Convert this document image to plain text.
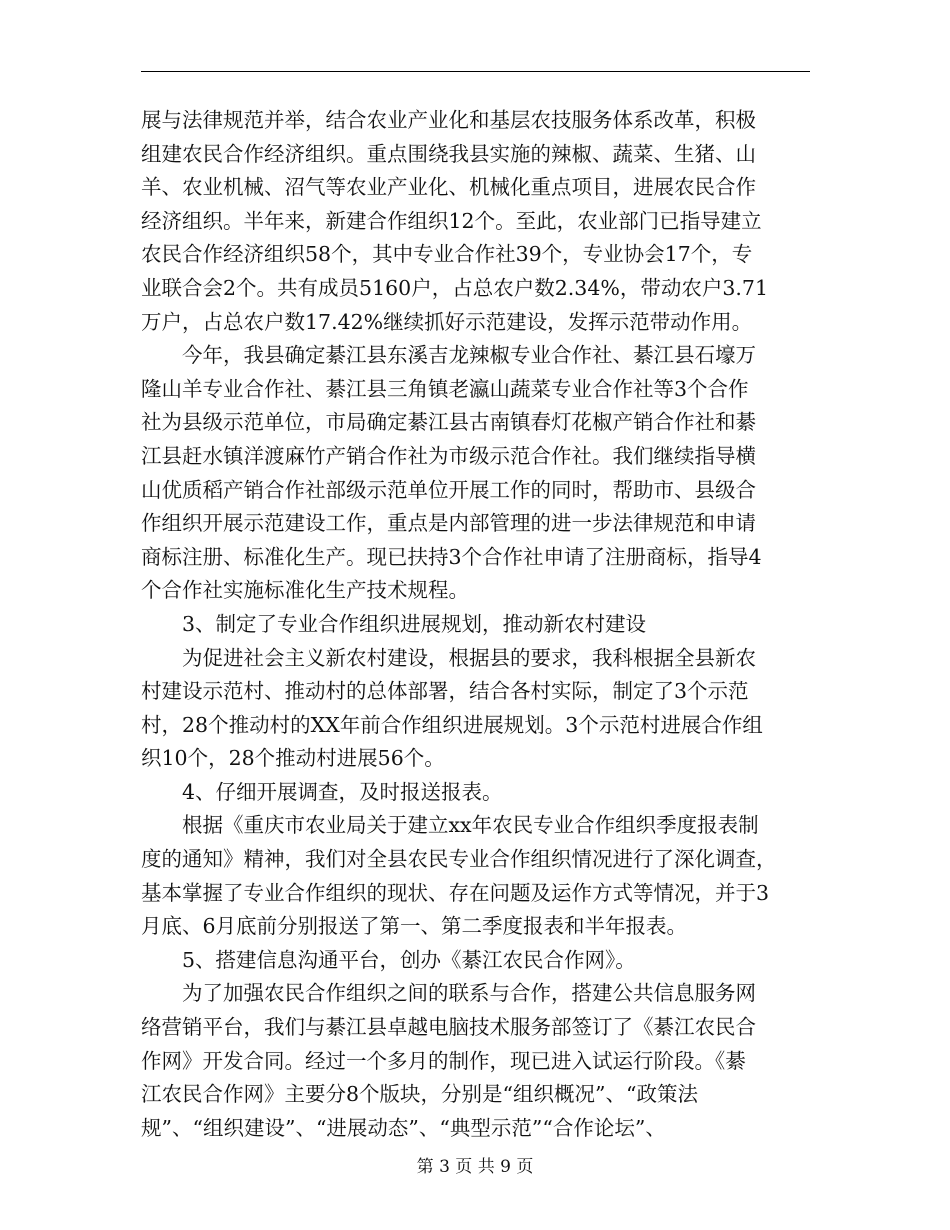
展与法律规范并举，结合农业产业化和基层农技服务体系改革，积极
组建农民合作经济组织。重点围绕我县实施的辣椒、蔬菜、生猪、山
羊、农业机械、沼气等农业产业化、机械化重点项目，进展农民合作
经济组织。半年来，新建合作组织12个。至此，农业部门已指导建立
农民合作经济组织58个，其中专业合作社39个，专业协会17个，专
业联合会2个。共有成员5160户，占总农户数2.34%，带动农户3.71
万户，占总农户数17.42%继续抓好示范建设，发挥示范带动作用。

今年，我县确定綦江县东溪吉龙辣椒专业合作社、綦江县石壕万
隆山羊专业合作社、綦江县三角镇老瀛山蔬菜专业合作社等3个合作
社为县级示范单位，市局确定綦江县古南镇春灯花椒产销合作社和綦
江县赶水镇洋渡麻竹产销合作社为市级示范合作社。我们继续指导横
山优质稻产销合作社部级示范单位开展工作的同时，帮助市、县级合
作组织开展示范建设工作，重点是内部管理的进一步法律规范和申请
商标注册、标准化生产。现已扶持3个合作社申请了注册商标，指导4
个合作社实施标准化生产技术规程。

3、制定了专业合作组织进展规划，推动新农村建设

为促进社会主义新农村建设，根据县的要求，我科根据全县新农
村建设示范村、推动村的总体部署，结合各村实际，制定了3个示范
村，28个推动村的XX年前合作组织进展规划。3个示范村进展合作组
织10个，28个推动村进展56个。

4、仔细开展调查，及时报送报表。

根据《重庆市农业局关于建立xx年农民专业合作组织季度报表制
度的通知》精神，我们对全县农民专业合作组织情况进行了深化调查，
基本掌握了专业合作组织的现状、存在问题及运作方式等情况，并于3
月底、6月底前分别报送了第一、第二季度报表和半年报表。

5、搭建信息沟通平台，创办《綦江农民合作网》。

为了加强农民合作组织之间的联系与合作，搭建公共信息服务网
络营销平台，我们与綦江县卓越电脑技术服务部签订了《綦江农民合
作网》开发合同。经过一个多月的制作，现已进入试运行阶段。《綦
江农民合作网》主要分8个版块，分别是“组织概况”、“政策法
规”、“组织建设”、“进展动态”、“典型示范”“合作论坛”、

第 3 页 共 9 页
